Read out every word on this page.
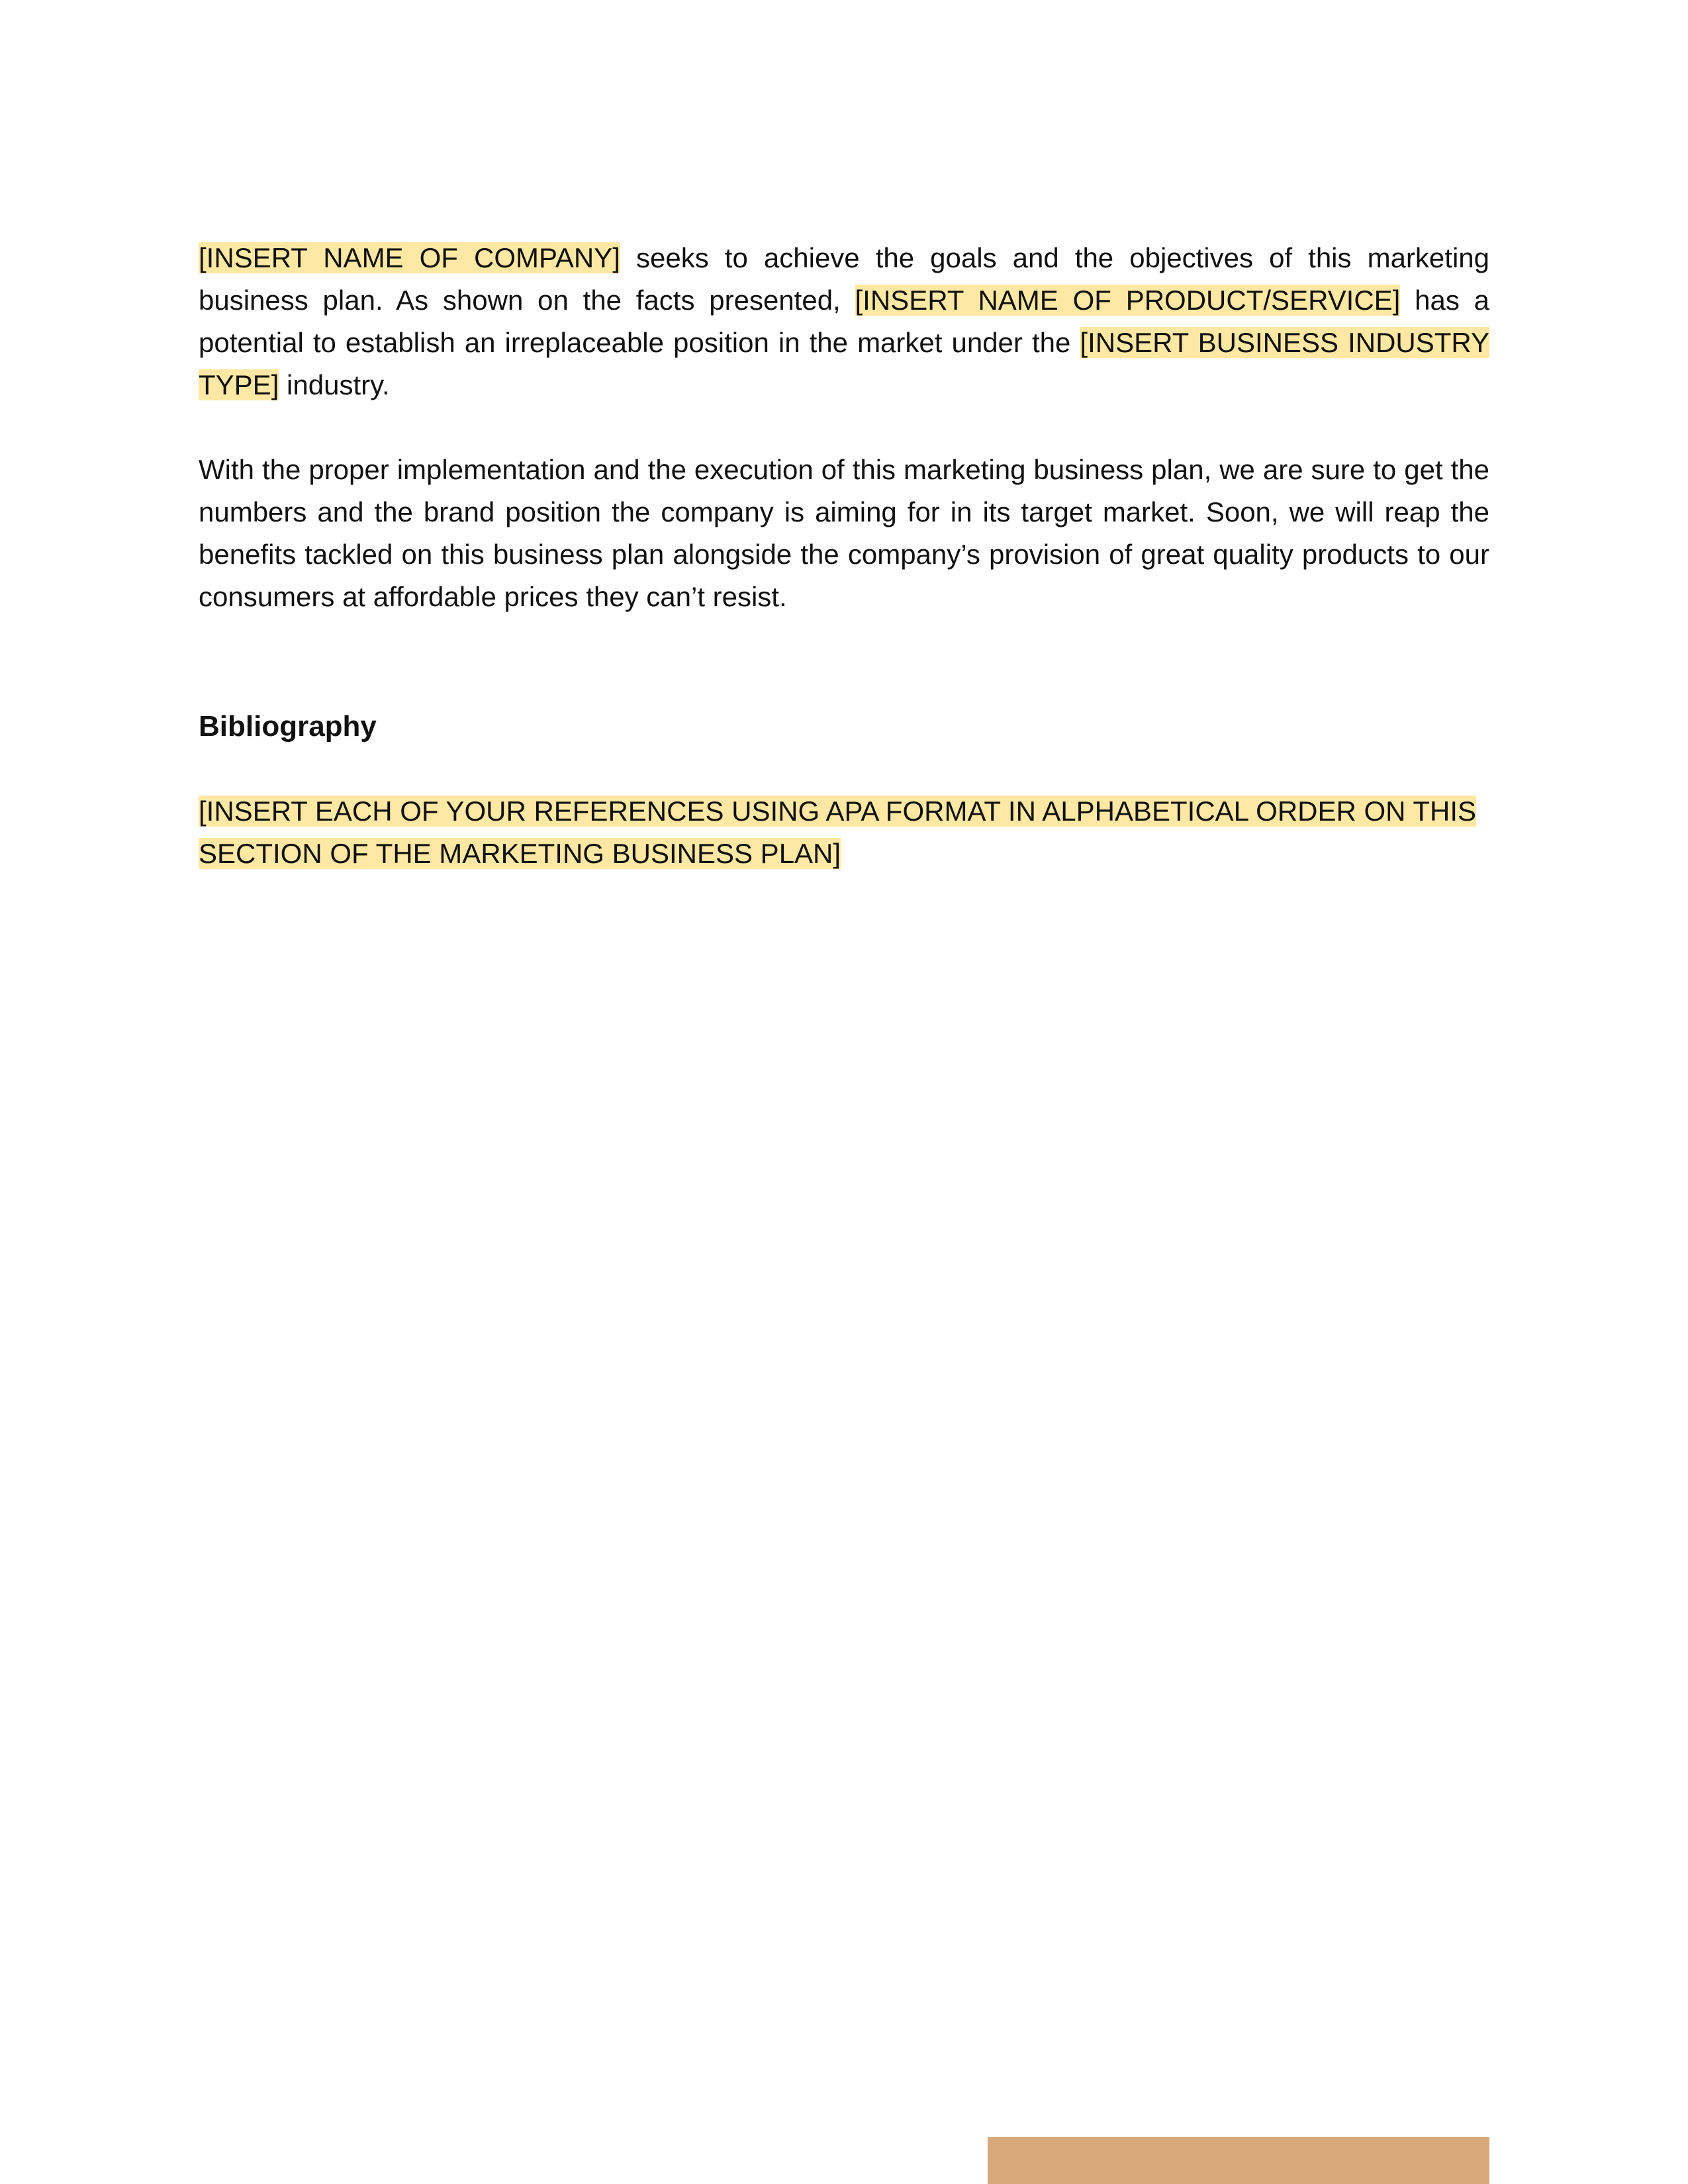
[INSERT NAME OF COMPANY] seeks to achieve the goals and the objectives of this marketing business plan. As shown on the facts presented, [INSERT NAME OF PRODUCT/SERVICE] has a potential to establish an irreplaceable position in the market under the [INSERT BUSINESS INDUSTRY TYPE] industry.

With the proper implementation and the execution of this marketing business plan, we are sure to get the numbers and the brand position the company is aiming for in its target market. Soon, we will reap the benefits tackled on this business plan alongside the company’s provision of great quality products to our consumers at affordable prices they can’t resist.

Bibliography

[INSERT EACH OF YOUR REFERENCES USING APA FORMAT IN ALPHABETICAL ORDER ON THIS SECTION OF THE MARKETING BUSINESS PLAN]
